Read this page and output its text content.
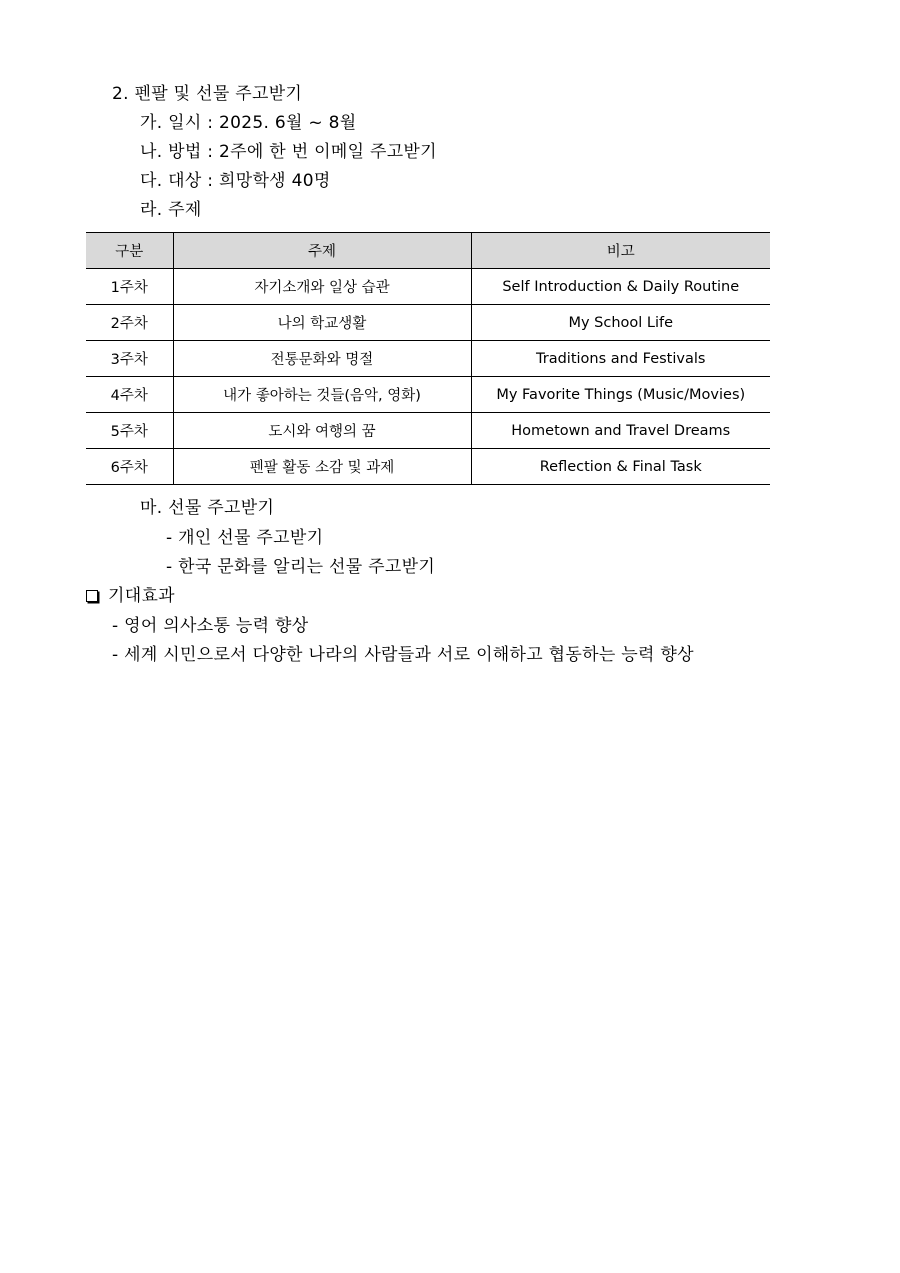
2. 펜팔 및 선물 주고받기
가. 일시 : 2025. 6월 ~ 8월
나. 방법 : 2주에 한 번 이메일 주고받기
다. 대상 : 희망학생 40명
라. 주제
구분	주제	비고
1주차	자기소개와 일상 습관	Self Introduction & Daily Routine
2주차	나의 학교생활	My School Life
3주차	전통문화와 명절	Traditions and Festivals
4주차	내가 좋아하는 것들(음악, 영화)	My Favorite Things (Music/Movies)
5주차	도시와 여행의 꿈	Hometown and Travel Dreams
6주차	펜팔 활동 소감 및 과제	Reflection & Final Task
마. 선물 주고받기
- 개인 선물 주고받기
- 한국 문화를 알리는 선물 주고받기
기대효과
- 영어 의사소통 능력 향상
- 세계 시민으로서 다양한 나라의 사람들과 서로 이해하고 협동하는 능력 향상
